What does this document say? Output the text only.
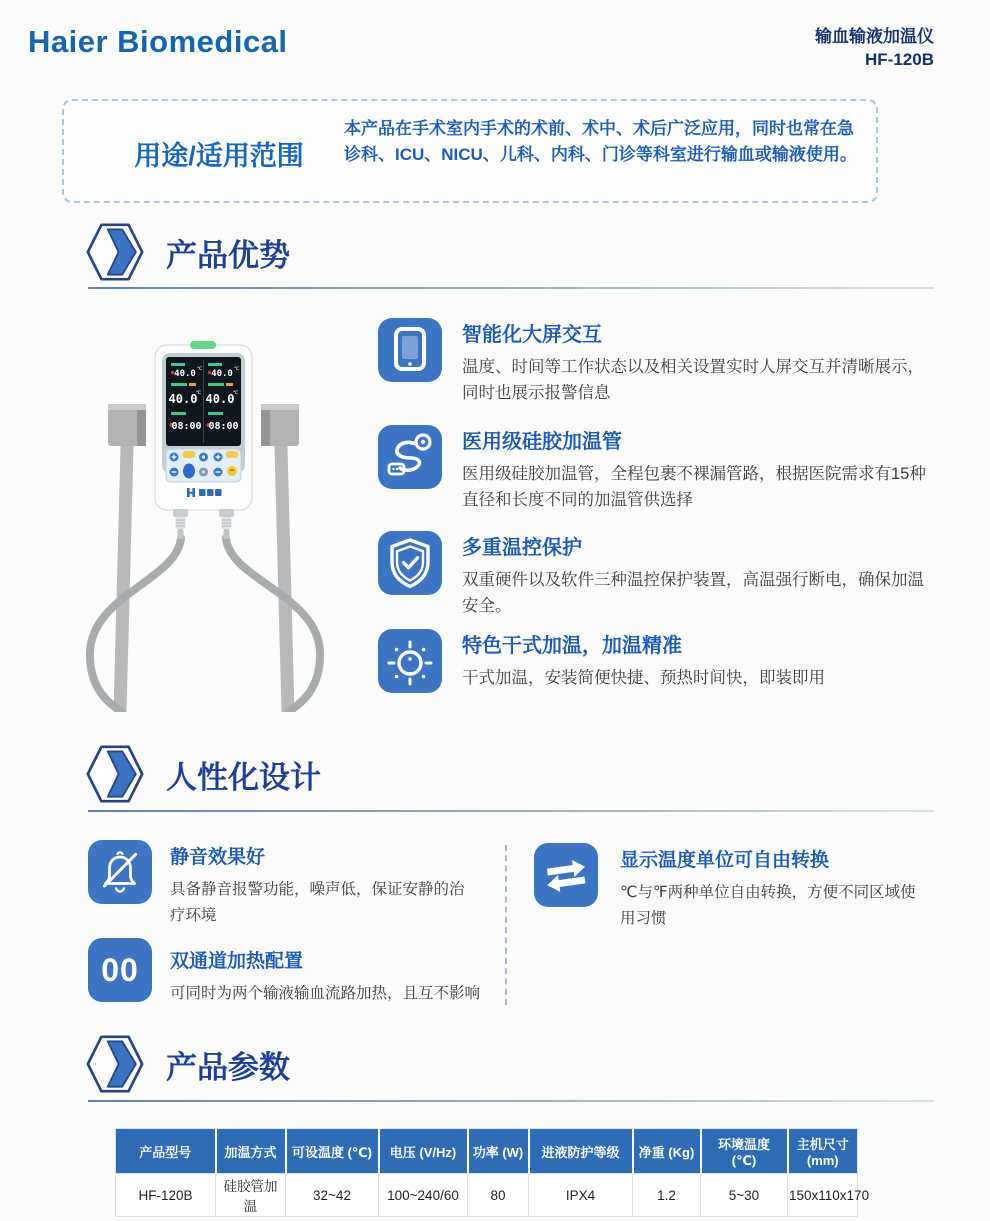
Haier Biomedical	输血输液加温仪
HF-120B
用途/适用范围
本产品在手术室内手术的术前、术中、术后广泛应用，同时也常在急诊科、ICU、NICU、儿科、内科、门诊等科室进行输血或输液使用。
产品优势
40.0 ℃
40.0
℃
08:00
40.0 ℃
40.0
℃
08:00
智能化大屏交互
温度、时间等工作状态以及相关设置实时人屏交互并清晰展示，同时也展示报警信息
医用级硅胶加温管
医用级硅胶加温管，全程包裹不裸漏管路，根据医院需求有15种直径和长度不同的加温管供选择
多重温控保护
双重硬件以及软件三种温控保护装置，高温强行断电，确保加温安全。
特色干式加温，加温精准
干式加温，安装简便快捷、预热时间快，即装即用
人性化设计
静音效果好
具备静音报警功能，噪声低，保证安静的治疗环境
00 双通道加热配置
可同时为两个输液输血流路加热，且互不影响
显示温度单位可自由转换
℃与℉两种单位自由转换，方便不同区域使用习惯
产品参数
产品型号	加温方式	可设温度 (℃)	电压 (V/Hz)	功率 (W)	进液防护等级	净重 (Kg)	环境温度 (℃)	主机尺寸 (mm)
HF-120B	硅胶管加温	32~42	100~240/60	80	IPX4	1.2	5~30	150x110x170
